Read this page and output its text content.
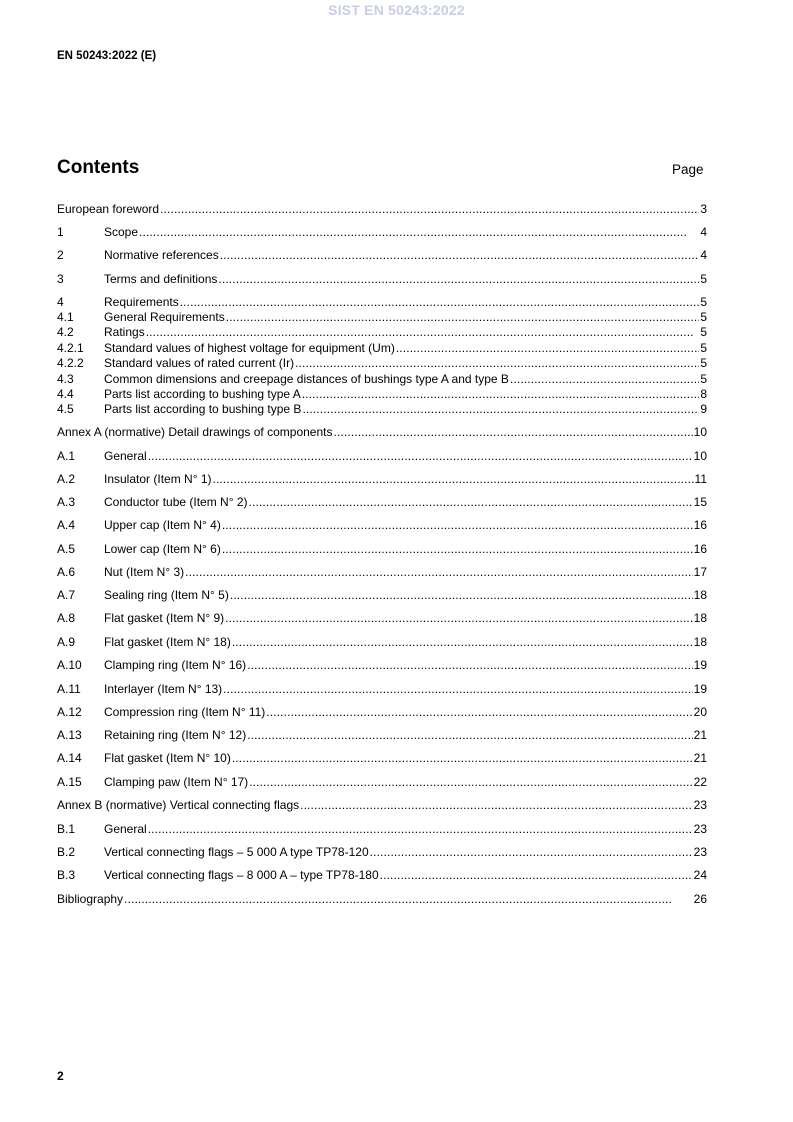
SIST EN 50243:2022
EN 50243:2022 (E)
Contents	Page
European foreword . . .	3
1	Scope . . .	4
2	Normative references . . .	4
3	Terms and definitions . . .	5
4	Requirements . . .	5
4.1	General Requirements . . .	5
4.2	Ratings . . .	5
4.2.1	Standard values of highest voltage for equipment (Um) . . .	5
4.2.2	Standard values of rated current (Ir) . . .	5
4.3	Common dimensions and creepage distances of bushings type A and type B . . .	5
4.4	Parts list according to bushing type A . . .	8
4.5	Parts list according to bushing type B . . .	9
Annex A (normative) Detail drawings of components . . .	10
A.1	General . . .	10
A.2	Insulator (Item N° 1) . . .	11
A.3	Conductor tube (Item N° 2) . . .	15
A.4	Upper cap (Item N° 4) . . .	16
A.5	Lower cap (Item N° 6) . . .	16
A.6	Nut (Item N° 3) . . .	17
A.7	Sealing ring (Item N° 5) . . .	18
A.8	Flat gasket (Item N° 9) . . .	18
A.9	Flat gasket (Item N° 18) . . .	18
A.10	Clamping ring (Item N° 16) . . .	19
A.11	Interlayer (Item N° 13) . . .	19
A.12	Compression ring (Item N° 11) . . .	20
A.13	Retaining ring (Item N° 12) . . .	21
A.14	Flat gasket (Item N° 10) . . .	21
A.15	Clamping paw (Item N° 17) . . .	22
Annex B (normative) Vertical connecting flags . . .	23
B.1	General . . .	23
B.2	Vertical connecting flags – 5 000 A type TP78-120 . . .	23
B.3	Vertical connecting flags – 8 000 A – type TP78-180 . . .	24
Bibliography . . .	26
2
